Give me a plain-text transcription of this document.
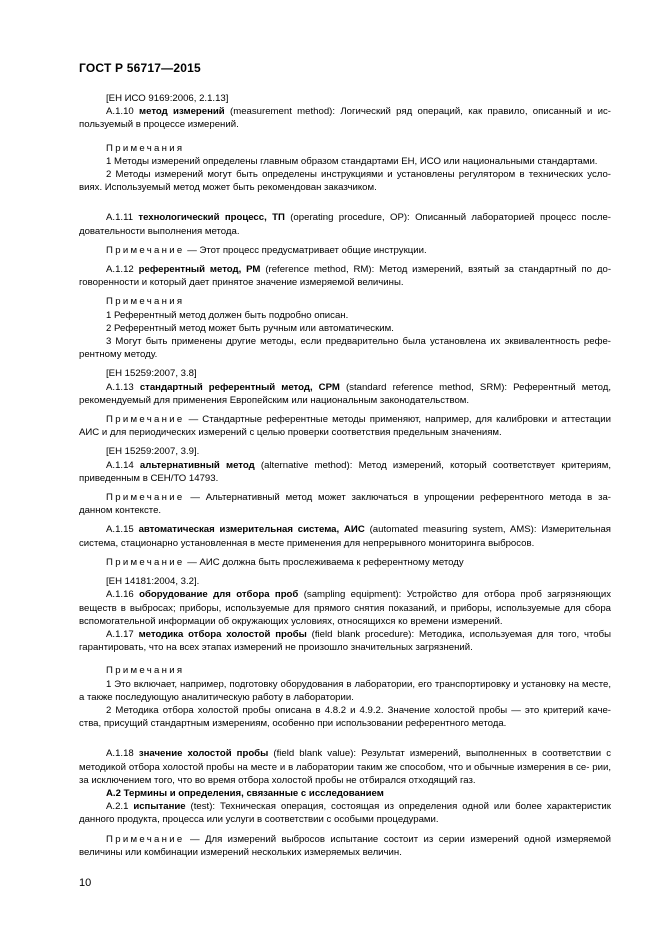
ГОСТ Р 56717—2015

[ЕН ИСО 9169:2006, 2.1.13]

А.1.10 метод измерений (measurement method): Логический ряд операций, как правило, описанный и ис- пользуемый в процессе измерений.

Примечания

1 Методы измерений определены главным образом стандартами ЕН, ИСО или национальными стандартами.

2 Методы измерений могут быть определены инструкциями и установлены регулятором в технических усло- виях. Используемый метод может быть рекомендован заказчиком.

А.1.11 технологический процесс, ТП (operating procedure, OP): Описанный лабораторией процесс после- довательности выполнения метода.

Примечание — Этот процесс предусматривает общие инструкции.

А.1.12 референтный метод, РМ (reference method, RM): Метод измерений, взятый за стандартный по до- говоренности и который дает принятое значение измеряемой величины.

Примечания

1 Референтный метод должен быть подробно описан.

2 Референтный метод может быть ручным или автоматическим.

3 Могут быть применены другие методы, если предварительно была установлена их эквивалентность рефе- рентному методу.

[ЕН 15259:2007, 3.8]

А.1.13 стандартный референтный метод, СРМ (standard reference method, SRM): Референтный метод, рекомендуемый для применения Европейским или национальным законодательством.

Примечание — Стандартные референтные методы применяют, например, для калибровки и аттестации АИС и для периодических измерений с целью проверки соответствия предельным значениям.

[ЕН 15259:2007, 3.9].

А.1.14 альтернативный метод (alternative method): Метод измерений, который соответствует критериям, приведенным в СЕН/ТО 14793.

Примечание — Альтернативный метод может заключаться в упрощении референтного метода в за- данном контексте.

А.1.15 автоматическая измерительная система, АИС (automated measuring system, AMS): Измерительная система, стационарно установленная в месте применения для непрерывного мониторинга выбросов.

Примечание — АИС должна быть прослеживаема к референтному методу

[ЕН 14181:2004, 3.2].

А.1.16 оборудование для отбора проб (sampling equipment): Устройство для отбора проб загрязняющих веществ в выбросах; приборы, используемые для прямого снятия показаний, и приборы, используемые для сбора вспомогательной информации об окружающих условиях, относящихся ко времени измерений.

А.1.17 методика отбора холостой пробы (field blank procedure): Методика, используемая для того, чтобы гарантировать, что на всех этапах измерений не произошло значительных загрязнений.

Примечания

1 Это включает, например, подготовку оборудования в лаборатории, его транспортировку и установку на месте, а также последующую аналитическую работу в лаборатории.

2 Методика отбора холостой пробы описана в 4.8.2 и 4.9.2. Значение холостой пробы — это критерий каче- ства, присущий стандартным измерениям, особенно при использовании референтного метода.

А.1.18 значение холостой пробы (field blank value): Результат измерений, выполненных в соответствии с методикой отбора холостой пробы на месте и в лаборатории таким же способом, что и обычные измерения в се- рии, за исключением того, что во время отбора холостой пробы не отбирался отходящий газ.

А.2 Термины и определения, связанные с исследованием

А.2.1 испытание (test): Техническая операция, состоящая из определения одной или более характеристик данного продукта, процесса или услуги в соответствии с особыми процедурами.

Примечание — Для измерений выбросов испытание состоит из серии измерений одной измеряемой величины или комбинации измерений нескольких измеряемых величин.

10
